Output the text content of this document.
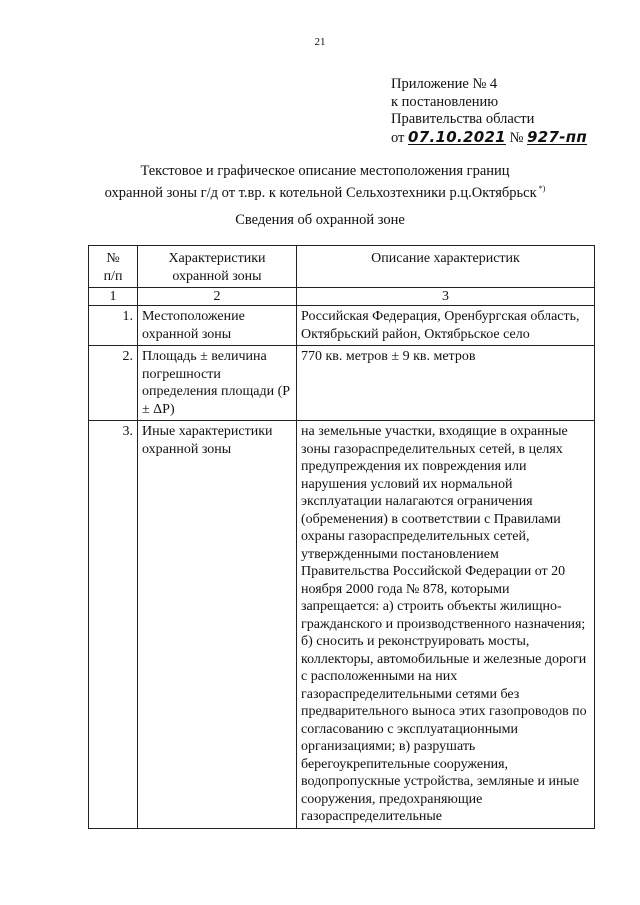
21
Приложение № 4
к постановлению
Правительства области
от 07.10.2021 № 927-пп
Текстовое и графическое описание местоположения границ
охранной зоны г/д от т.вр. к котельной Сельхозтехники р.ц.Октябрьск *)
Сведения об охранной зоне
№
п/п	Характеристики охранной зоны	Описание характеристик
1	2	3
1.	Местоположение охранной зоны	Российская Федерация, Оренбургская область, Октябрьский район, Октябрьское село
2.	Площадь ± величина погрешности определения площади (Р ± ΔР)	770 кв. метров ± 9 кв. метров
3.	Иные характеристики охранной зоны	на земельные участки, входящие в охранные зоны газораспределительных сетей, в целях предупреждения их повреждения или нарушения условий их нормальной эксплуатации налагаются ограничения (обременения) в соответствии с Правилами охраны газораспределительных сетей, утвержденными постановлением Правительства Российской Федерации от 20 ноября 2000 года № 878, которыми запрещается: а) строить объекты жилищно-гражданского и производственного назначения; б) сносить и реконструировать мосты, коллекторы, автомобильные и железные дороги с расположенными на них газораспределительными сетями без предварительного выноса этих газопроводов по согласованию с эксплуатационными организациями; в) разрушать берегоукрепительные сооружения, водопропускные устройства, земляные и иные сооружения, предохраняющие газораспределительные
